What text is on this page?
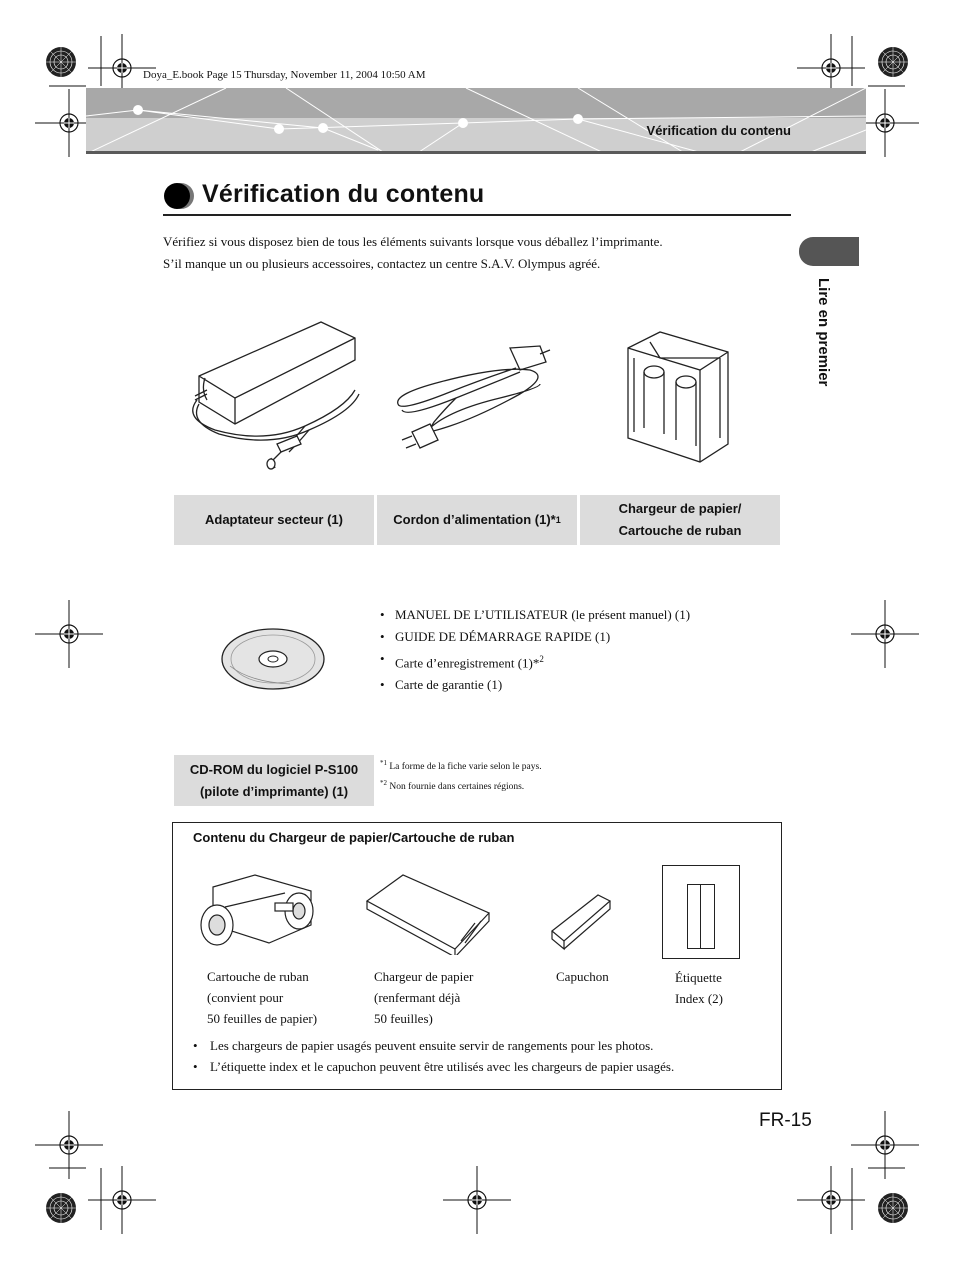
Doya_E.book Page 15 Thursday, November 11, 2004 10:50 AM
Vérification du contenu
Vérification du contenu
Vérifiez si vous disposez bien de tous les éléments suivants lorsque vous déballez l’imprimante.
S’il manque un ou plusieurs accessoires, contactez un centre S.A.V. Olympus agréé.
Lire en premier
Adaptateur secteur (1)	Cordon d’alimentation (1)* 1
Chargeur de papier/
Cartouche de ruban
• MANUEL DE L’UTILISATEUR (le présent manuel) (1)
• GUIDE DE DÉMARRAGE RAPIDE (1)
• Carte d’enregistrement (1)*$^2$
• Carte de garantie (1)
CD-ROM du logiciel P-S100
(pilote d’imprimante) (1)
$^{*1}$ La forme de la fiche varie selon le pays.
$^{*2}$ Non fournie dans certaines régions.
Contenu du Chargeur de papier/Cartouche de ruban
Cartouche de ruban
(convient pour
50 feuilles de papier)
Chargeur de papier
(renfermant déjà
50 feuilles)
Capuchon	Étiquette
Index (2)
• Les chargeurs de papier usagés peuvent ensuite servir de rangements pour les photos.
• L’étiquette index et le capuchon peuvent être utilisés avec les chargeurs de papier usagés.
FR-15
